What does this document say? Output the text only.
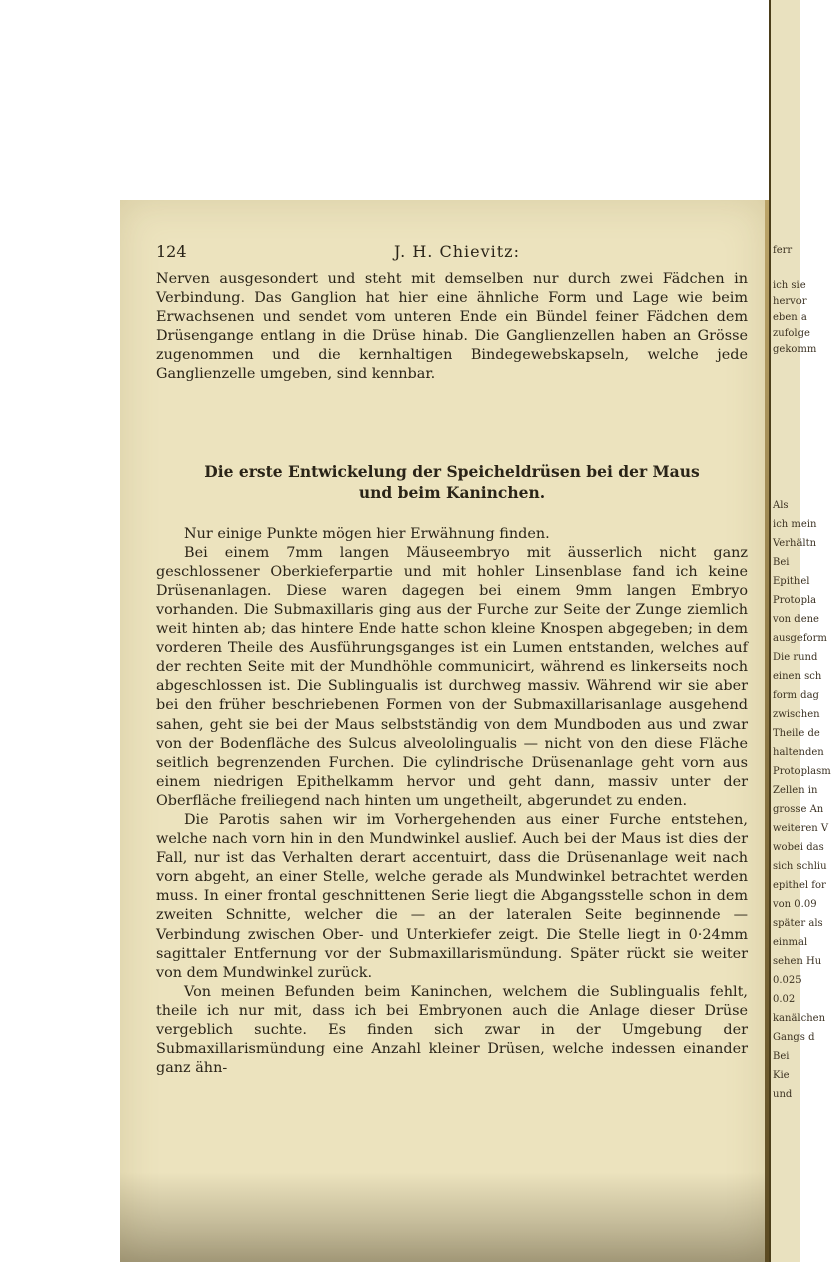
124	J. H. Chievitz:

Nerven ausgesondert und steht mit demselben nur durch zwei Fädchen in Verbindung. Das Ganglion hat hier eine ähnliche Form und Lage wie beim Erwachsenen und sendet vom unteren Ende ein Bündel feiner Fädchen dem Drüsengange entlang in die Drüse hinab. Die Ganglienzellen haben an Grösse zugenommen und die kernhaltigen Bindegewebskapseln, welche jede Ganglienzelle umgeben, sind kennbar.

Die erste Entwickelung der Speicheldrüsen bei der Maus
und beim Kaninchen.

Nur einige Punkte mögen hier Erwähnung finden.

Bei einem 7mm langen Mäuseembryo mit äusserlich nicht ganz geschlossener Oberkieferpartie und mit hohler Linsenblase fand ich keine Drüsenanlagen. Diese waren dagegen bei einem 9mm langen Embryo vorhanden. Die Submaxillaris ging aus der Furche zur Seite der Zunge ziemlich weit hinten ab; das hintere Ende hatte schon kleine Knospen abgegeben; in dem vorderen Theile des Ausführungsganges ist ein Lumen entstanden, welches auf der rechten Seite mit der Mundhöhle communicirt, während es linkerseits noch abgeschlossen ist. Die Sublingualis ist durchweg massiv. Während wir sie aber bei den früher beschriebenen Formen von der Submaxillarisanlage ausgehend sahen, geht sie bei der Maus selbstständig von dem Mundboden aus und zwar von der Bodenfläche des Sulcus alveololingualis — nicht von den diese Fläche seitlich begrenzenden Furchen. Die cylindrische Drüsenanlage geht vorn aus einem niedrigen Epithelkamm hervor und geht dann, massiv unter der Oberfläche freiliegend nach hinten um ungetheilt, abgerundet zu enden.

Die Parotis sahen wir im Vorhergehenden aus einer Furche entstehen, welche nach vorn hin in den Mundwinkel auslief. Auch bei der Maus ist dies der Fall, nur ist das Verhalten derart accentuirt, dass die Drüsenanlage weit nach vorn abgeht, an einer Stelle, welche gerade als Mundwinkel betrachtet werden muss. In einer frontal geschnittenen Serie liegt die Abgangsstelle schon in dem zweiten Schnitte, welcher die — an der lateralen Seite beginnende — Verbindung zwischen Ober- und Unterkiefer zeigt. Die Stelle liegt in 0·24mm sagittaler Entfernung vor der Submaxillarismündung. Später rückt sie weiter von dem Mundwinkel zurück.

Von meinen Befunden beim Kaninchen, welchem die Sublingualis fehlt, theile ich nur mit, dass ich bei Embryonen auch die Anlage dieser Drüse vergeblich suchte. Es finden sich zwar in der Umgebung der Submaxillarismündung eine Anzahl kleiner Drüsen, welche indessen einander ganz ähn-

ferr
ich sie
hervor
eben a
zufolge
gekomm
Als
ich mein
Verhältn
Bei
Epithel
Protopla
von dene
ausgeform
Die rund
einen sch
form dag
zwischen
Theile de
haltenden
Protoplasm
Zellen in
grosse An
weiteren V
wobei das
sich schliu
epithel for
von 0.09
später als
einmal
sehen Hu
0.025
0.02
kanälchen
Gangs d
Bei
Kie
und
